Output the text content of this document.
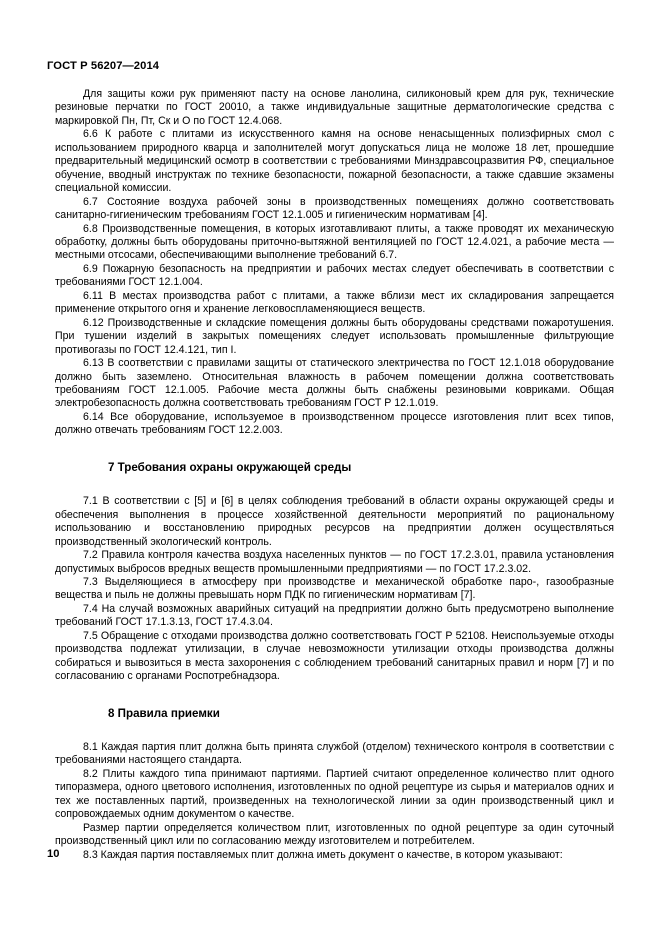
ГОСТ Р 56207—2014

Для защиты кожи рук применяют пасту на основе ланолина, силиконовый крем для рук, технические резиновые перчатки по ГОСТ 20010, а также индивидуальные защитные дерматологические средства с маркировкой Пн, Пт, Ск и О по ГОСТ 12.4.068.

6.6 К работе с плитами из искусственного камня на основе ненасыщенных полиэфирных смол с использованием природного кварца и заполнителей могут допускаться лица не моложе 18 лет, прошедшие предварительный медицинский осмотр в соответствии с требованиями Минздравсоцразвития РФ, специальное обучение, вводный инструктаж по технике безопасности, пожарной безопасности, а также сдавшие экзамены специальной комиссии.

6.7 Состояние воздуха рабочей зоны в производственных помещениях должно соответствовать санитарно-гигиеническим требованиям ГОСТ 12.1.005 и гигиеническим нормативам [4].

6.8 Производственные помещения, в которых изготавливают плиты, а также проводят их механическую обработку, должны быть оборудованы приточно-вытяжной вентиляцией по ГОСТ 12.4.021, а рабочие места — местными отсосами, обеспечивающими выполнение требований 6.7.

6.9 Пожарную безопасность на предприятии и рабочих местах следует обеспечивать в соответствии с требованиями ГОСТ 12.1.004.

6.11 В местах производства работ с плитами, а также вблизи мест их складирования запрещается применение открытого огня и хранение легковоспламеняющиеся веществ.

6.12 Производственные и складские помещения должны быть оборудованы средствами пожаротушения. При тушении изделий в закрытых помещениях следует использовать промышленные фильтрующие противогазы по ГОСТ 12.4.121, тип I.

6.13 В соответствии с правилами защиты от статического электричества по ГОСТ 12.1.018 оборудование должно быть заземлено. Относительная влажность в рабочем помещении должна соответствовать требованиям ГОСТ 12.1.005. Рабочие места должны быть снабжены резиновыми ковриками. Общая электробезопасность должна соответствовать требованиям ГОСТ Р 12.1.019.

6.14 Все оборудование, используемое в производственном процессе изготовления плит всех типов, должно отвечать требованиям ГОСТ 12.2.003.

7 Требования охраны окружающей среды

7.1 В соответствии с [5] и [6] в целях соблюдения требований в области охраны окружающей среды и обеспечения выполнения в процессе хозяйственной деятельности мероприятий по рациональному использованию и восстановлению природных ресурсов на предприятии должен осуществляться производственный экологический контроль.

7.2 Правила контроля качества воздуха населенных пунктов — по ГОСТ 17.2.3.01, правила установления допустимых выбросов вредных веществ промышленными предприятиями — по ГОСТ 17.2.3.02.

7.3 Выделяющиеся в атмосферу при производстве и механической обработке паро-, газообразные вещества и пыль не должны превышать норм ПДК по гигиеническим нормативам [7].

7.4 На случай возможных аварийных ситуаций на предприятии должно быть предусмотрено выполнение требований ГОСТ 17.1.3.13, ГОСТ 17.4.3.04.

7.5 Обращение с отходами производства должно соответствовать ГОСТ Р 52108. Неиспользуемые отходы производства подлежат утилизации, в случае невозможности утилизации отходы производства должны собираться и вывозиться в места захоронения с соблюдением требований санитарных правил и норм [7] и по согласованию с органами Роспотребнадзора.

8 Правила приемки

8.1 Каждая партия плит должна быть принята службой (отделом) технического контроля в соответствии с требованиями настоящего стандарта.

8.2 Плиты каждого типа принимают партиями. Партией считают определенное количество плит одного типоразмера, одного цветового исполнения, изготовленных по одной рецептуре из сырья и материалов одних и тех же поставленных партий, произведенных на технологической линии за один производственный цикл и сопровождаемых одним документом о качестве.

Размер партии определяется количеством плит, изготовленных по одной рецептуре за один суточный производственный цикл или по согласованию между изготовителем и потребителем.

8.3 Каждая партия поставляемых плит должна иметь документ о качестве, в котором указывают:

10
